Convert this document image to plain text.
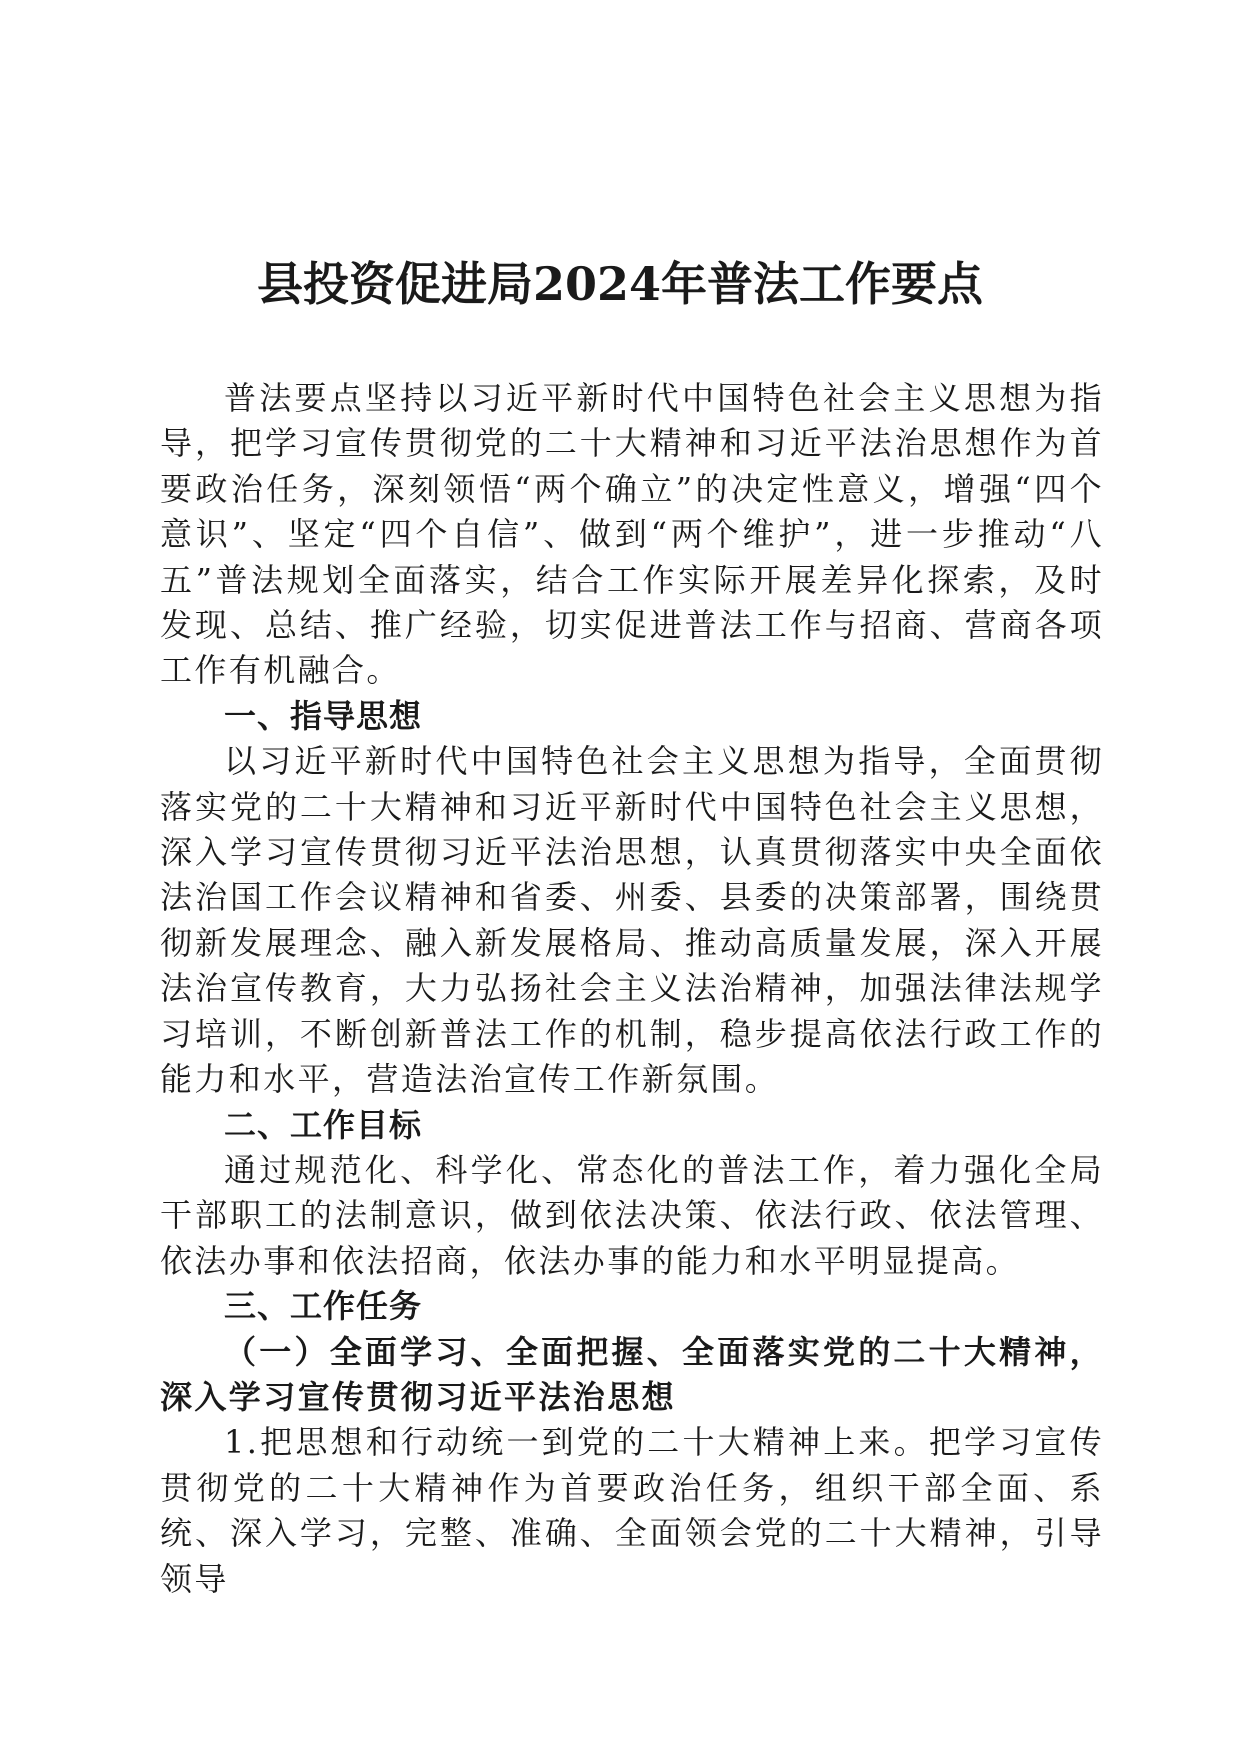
县投资促进局2024年普法工作要点

普法要点坚持以习近平新时代中国特色社会主义思想为指导，把学习宣传贯彻党的二十大精神和习近平法治思想作为首要政治任务，深刻领悟“两个确立”的决定性意义，增强“四个意识”、坚定“四个自信”、做到“两个维护”，进一步推动“八五”普法规划全面落实，结合工作实际开展差异化探索，及时发现、总结、推广经验，切实促进普法工作与招商、营商各项工作有机融合。

一、指导思想

以习近平新时代中国特色社会主义思想为指导，全面贯彻落实党的二十大精神和习近平新时代中国特色社会主义思想，深入学习宣传贯彻习近平法治思想，认真贯彻落实中央全面依法治国工作会议精神和省委、州委、县委的决策部署，围绕贯彻新发展理念、融入新发展格局、推动高质量发展，深入开展法治宣传教育，大力弘扬社会主义法治精神，加强法律法规学习培训，不断创新普法工作的机制，稳步提高依法行政工作的能力和水平，营造法治宣传工作新氛围。

二、工作目标

通过规范化、科学化、常态化的普法工作，着力强化全局干部职工的法制意识，做到依法决策、依法行政、依法管理、依法办事和依法招商，依法办事的能力和水平明显提高。

三、工作任务

（一）全面学习、全面把握、全面落实党的二十大精神，深入学习宣传贯彻习近平法治思想

1.把思想和行动统一到党的二十大精神上来。把学习宣传贯彻党的二十大精神作为首要政治任务，组织干部全面、系统、深入学习，完整、准确、全面领会党的二十大精神，引导领导
